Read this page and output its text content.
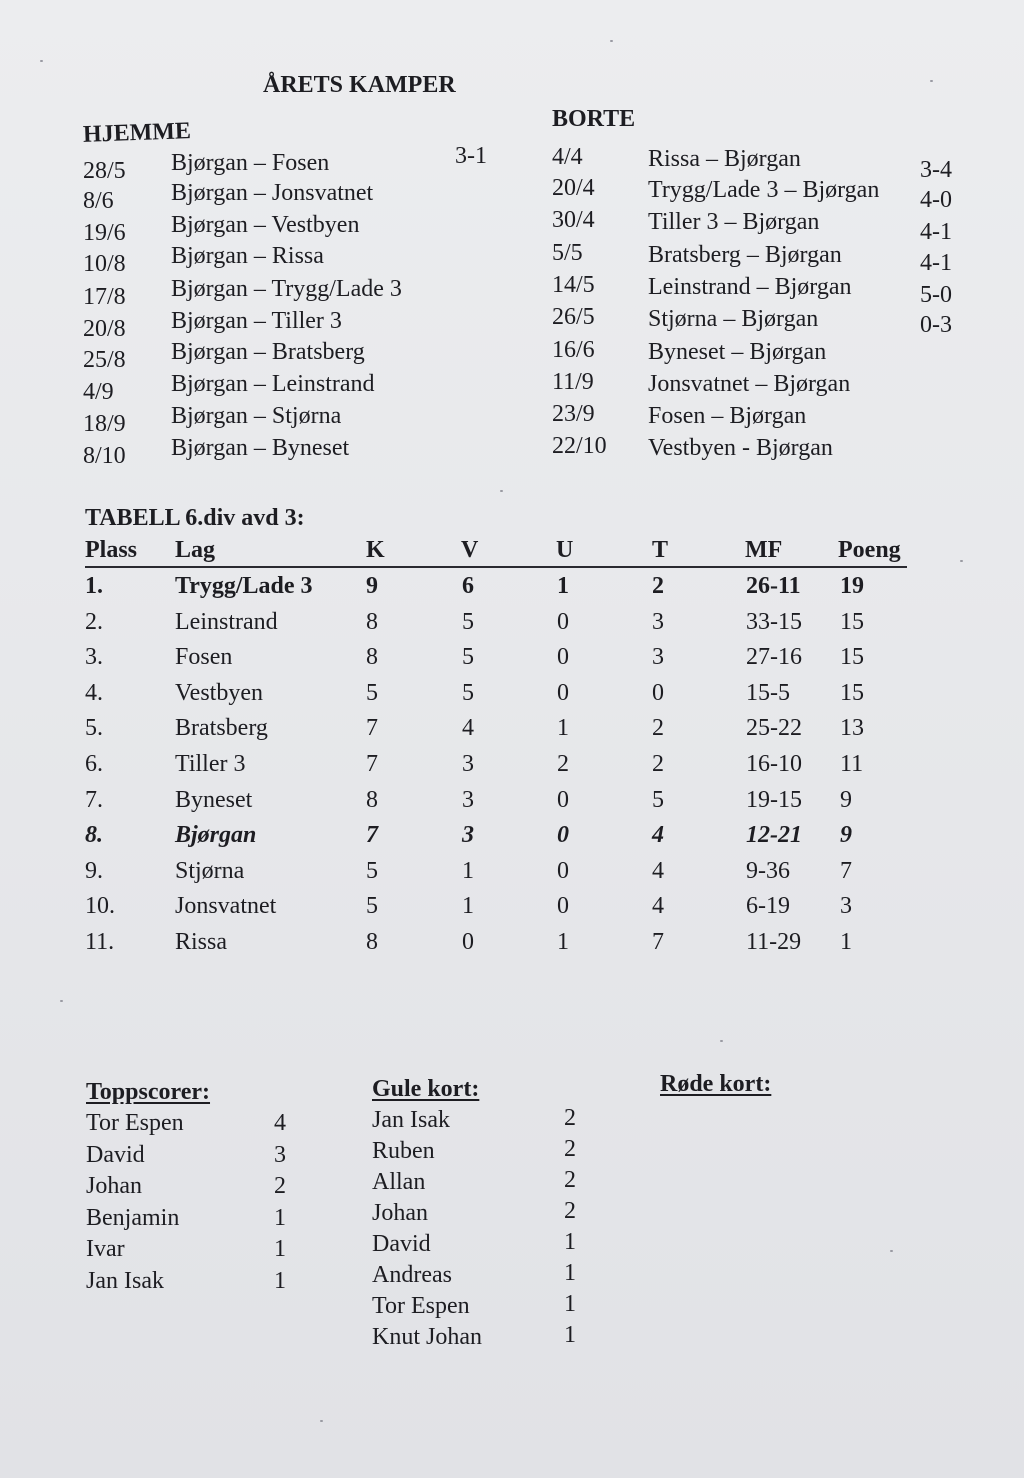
ÅRETS KAMPER
HJEMME
28/5 Bjørgan – Fosen	3-1
8/6 Bjørgan – Jonsvatnet
19/6 Bjørgan – Vestbyen
10/8 Bjørgan – Rissa
17/8 Bjørgan – Trygg/Lade 3
20/8 Bjørgan – Tiller 3
25/8 Bjørgan – Bratsberg
4/9 Bjørgan – Leinstrand
18/9 Bjørgan – Stjørna
8/10 Bjørgan – Byneset
BORTE
4/4	Rissa – Bjørgan	3-4
20/4 Trygg/Lade 3 – Bjørgan 4-0
30/4 Tiller 3 – Bjørgan	4-1
5/5	Bratsberg – Bjørgan	4-1
14/5 Leinstrand – Bjørgan	5-0
26/5 Stjørna – Bjørgan	0-3
16/6 Byneset – Bjørgan
11/9 Jonsvatnet – Bjørgan
23/9 Fosen – Bjørgan
22/10 Vestbyen - Bjørgan
TABELL 6.div avd 3:
Plass Lag	K	V	U	T	MF Poeng
1.	Trygg/Lade 3 9	6	1	2	26-11 19
2.	Leinstrand	8	5	0	3	33-15 15
3.	Fosen	8	5	0	3	27-16 15
4.	Vestbyen	5	5	0	0	15-5 15
5.	Bratsberg	7	4	1	2	25-22 13
6.	Tiller 3	7	3	2	2	16-10 11
7.	Byneset	8	3	0	5	19-15 9
8.	Bjørgan	7	3	0	4	12-21 9
9.	Stjørna	5	1	0	4	9-36 7
10.	Jonsvatnet	5	1	0	4	6-19 3
11.	Rissa	8	0	1	7	11-29 1
Toppscorer:	Gule kort:	Røde kort:
Tor Espen	4
David	3
Johan	2
Benjamin	1
Ivar	1
Jan Isak	1
Jan Isak	2
Ruben	2
Allan	2
Johan	2
David	1
Andreas	1
Tor Espen	1
Knut Johan	1
